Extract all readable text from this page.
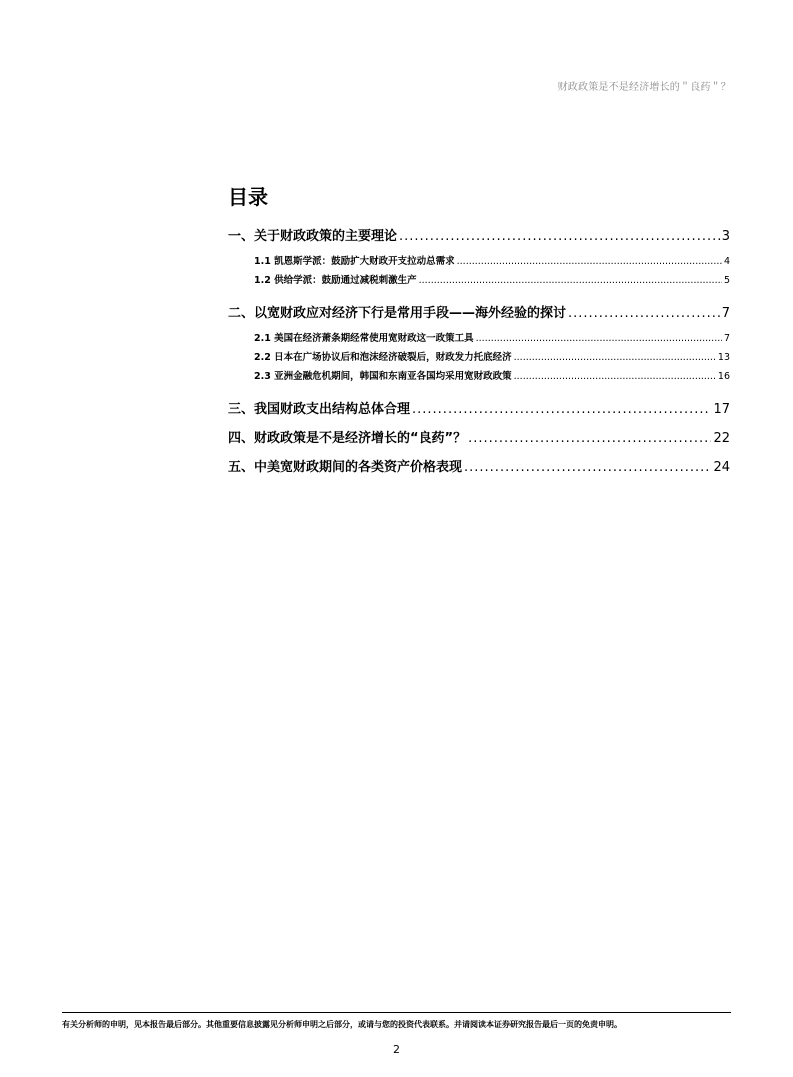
财政政策是不是经济增长的＂良药＂？
目录
一、关于财政政策的主要理论 .....	3
1.1 凯恩斯学派：鼓励扩大财政开支拉动总需求 .....	4
1.2 供给学派：鼓励通过减税刺激生产 .....	5
二、以宽财政应对经济下行是常用手段——海外经验的探讨 .....	7
2.1 美国在经济萧条期经常使用宽财政这一政策工具 .....	7
2.2 日本在广场协议后和泡沫经济破裂后，财政发力托底经济 .....	13
2.3 亚洲金融危机期间，韩国和东南亚各国均采用宽财政政策 .....	16
三、我国财政支出结构总体合理 .....	17
四、财政政策是不是经济增长的“良药”？ .....	22
五、中美宽财政期间的各类资产价格表现 .....	24
有关分析师的申明，见本报告最后部分。其他重要信息披露见分析师申明之后部分，或请与您的投资代表联系。并请阅读本证券研究报告最后一页的免责申明。
2
